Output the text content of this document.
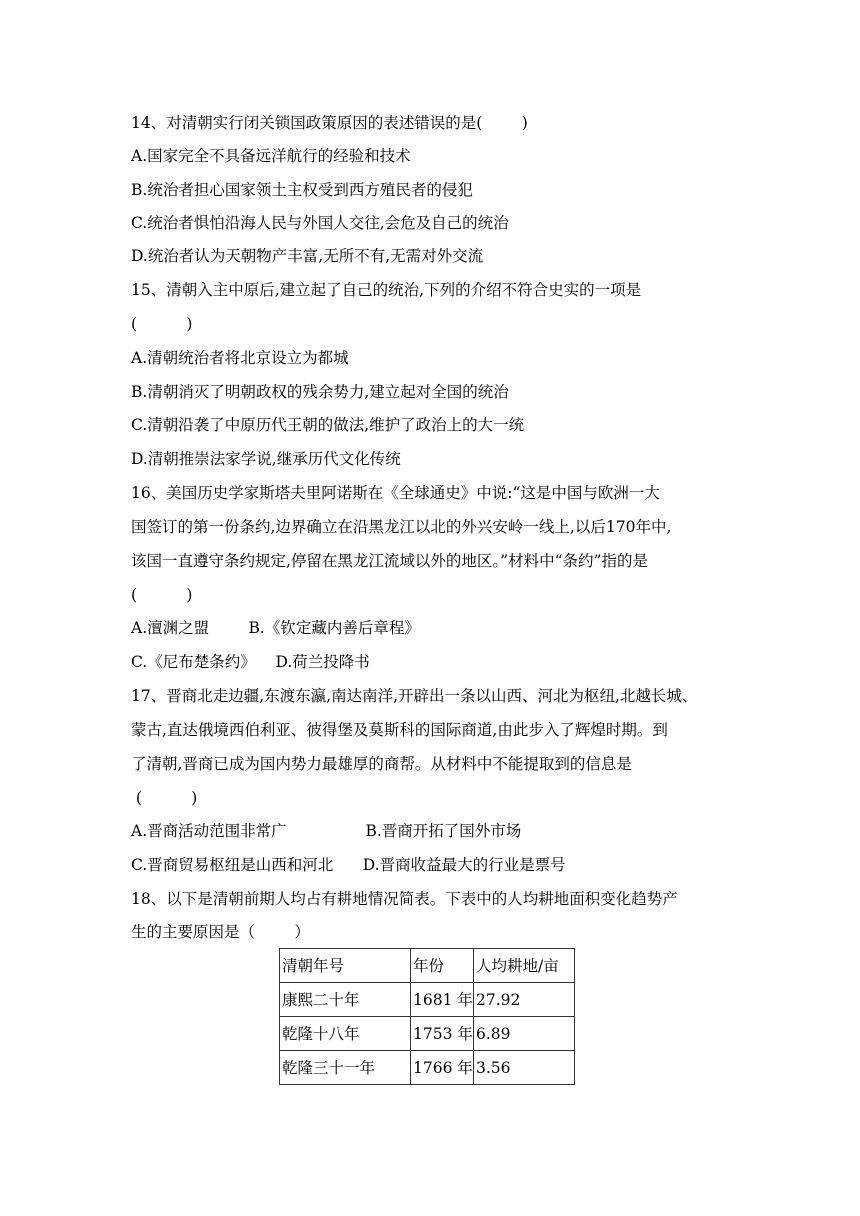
14、对清朝实行闭关锁国政策原因的表述错误的是(        )
A.国家完全不具备远洋航行的经验和技术
B.统治者担心国家领土主权受到西方殖民者的侵犯
C.统治者惧怕沿海人民与外国人交往,会危及自己的统治
D.统治者认为天朝物产丰富,无所不有,无需对外交流
15、清朝入主中原后,建立起了自己的统治,下列的介绍不符合史实的一项是
(          )
A.清朝统治者将北京设立为都城
B.清朝消灭了明朝政权的残余势力,建立起对全国的统治
C.清朝沿袭了中原历代王朝的做法,维护了政治上的大一统
D.清朝推崇法家学说,继承历代文化传统
16、美国历史学家斯塔夫里阿诺斯在《全球通史》中说:“这是中国与欧洲一大
国签订的第一份条约,边界确立在沿黑龙江以北的外兴安岭一线上,以后170年中,
该国一直遵守条约规定,停留在黑龙江流域以外的地区。”材料中“条约”指的是
(          )
A.澶渊之盟        B.《钦定藏内善后章程》
C.《尼布楚条约》    D.荷兰投降书
17、晋商北走边疆,东渡东瀛,南达南洋,开辟出一条以山西、河北为枢纽,北越长城、
蒙古,直达俄境西伯利亚、彼得堡及莫斯科的国际商道,由此步入了辉煌时期。到
了清朝,晋商已成为国内势力最雄厚的商帮。从材料中不能提取到的信息是
(          )
A.晋商活动范围非常广                B.晋商开拓了国外市场
C.晋商贸易枢纽是山西和河北      D.晋商收益最大的行业是票号
18、以下是清朝前期人均占有耕地情况简表。下表中的人均耕地面积变化趋势产
生的主要原因是（        ）
清朝年号	年份	人均耕地/亩
康熙二十年	1681 年	27.92
乾隆十八年	1753 年	6.89
乾隆三十一年	1766 年	3.56
